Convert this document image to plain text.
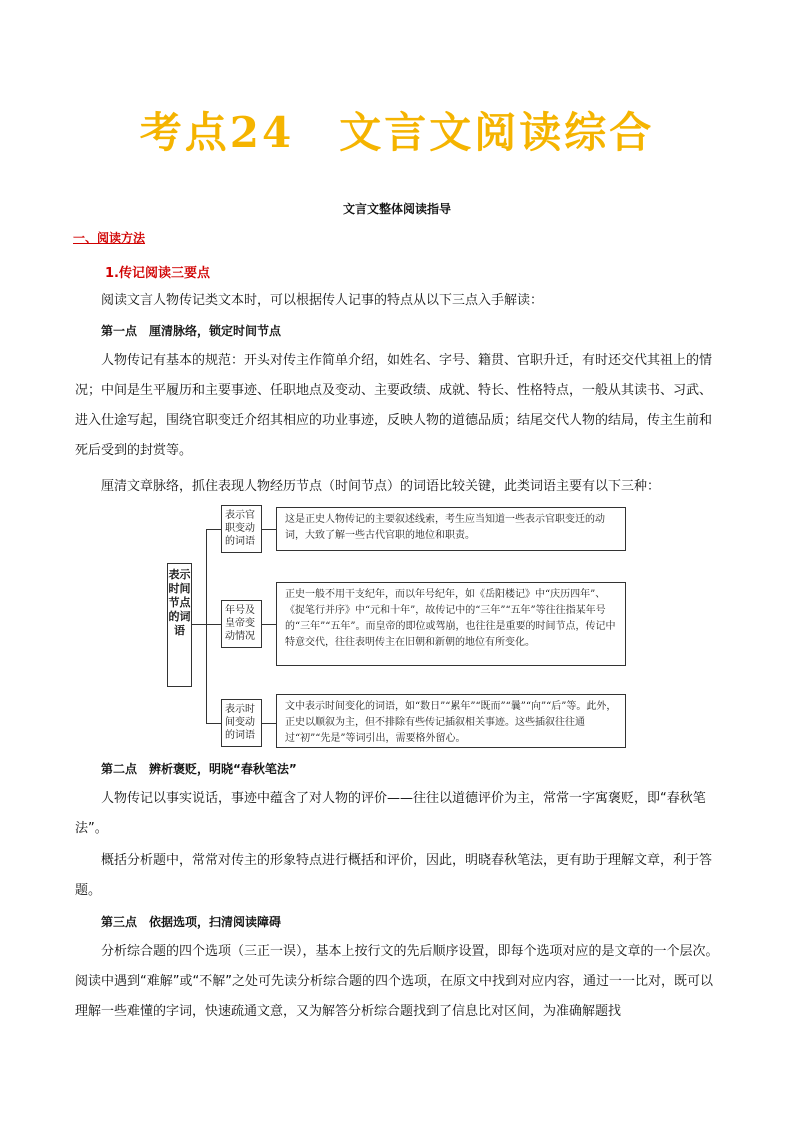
考点24　文言文阅读综合
文言文整体阅读指导
一、阅读方法
1.传记阅读三要点
阅读文言人物传记类文本时，可以根据传人记事的特点从以下三点入手解读：
第一点　厘清脉络，锁定时间节点
人物传记有基本的规范：开头对传主作简单介绍，如姓名、字号、籍贯、官职升迁，有时还交代其祖上的情况；中间是生平履历和主要事迹、任职地点及变动、主要政绩、成就、特长、性格特点，一般从其读书、习武、进入仕途写起，围绕官职变迁介绍其相应的功业事迹，反映人物的道德品质；结尾交代人物的结局，传主生前和死后受到的封赏等。
厘清文章脉络，抓住表现人物经历节点（时间节点）的词语比较关键，此类词语主要有以下三种：
表示时间节点的词语
表示官职变动的词语
这是正史人物传记的主要叙述线索，考生应当知道一些表示官职变迁的动词，大致了解一些古代官职的地位和职责。
年号及皇帝变动情况
正史一般不用干支纪年，而以年号纪年，如《岳阳楼记》中“庆历四年”、《捉笔行并序》中“元和十年”，故传记中的“三年”“五年”等往往指某年号的“三年”“五年”。而皇帝的即位或驾崩，也往往是重要的时间节点，传记中特意交代，往往表明传主在旧朝和新朝的地位有所变化。
表示时间变动的词语
文中表示时间变化的词语，如“数日”“累年”“既而”“曩”“向”“后”等。此外，正史以顺叙为主，但不排除有些传记插叙相关事迹。这些插叙往往通过“初”“先是”等词引出，需要格外留心。
第二点　辨析褒贬，明晓“春秋笔法”
人物传记以事实说话，事迹中蕴含了对人物的评价——往往以道德评价为主，常常一字寓褒贬，即“春秋笔法”。
概括分析题中，常常对传主的形象特点进行概括和评价，因此，明晓春秋笔法，更有助于理解文章，利于答题。
第三点　依据选项，扫清阅读障碍
分析综合题的四个选项（三正一误），基本上按行文的先后顺序设置，即每个选项对应的是文章的一个层次。阅读中遇到“难解”或“不解”之处可先读分析综合题的四个选项，在原文中找到对应内容，通过一一比对，既可以理解一些难懂的字词，快速疏通文意，又为解答分析综合题找到了信息比对区间，为准确解题找
